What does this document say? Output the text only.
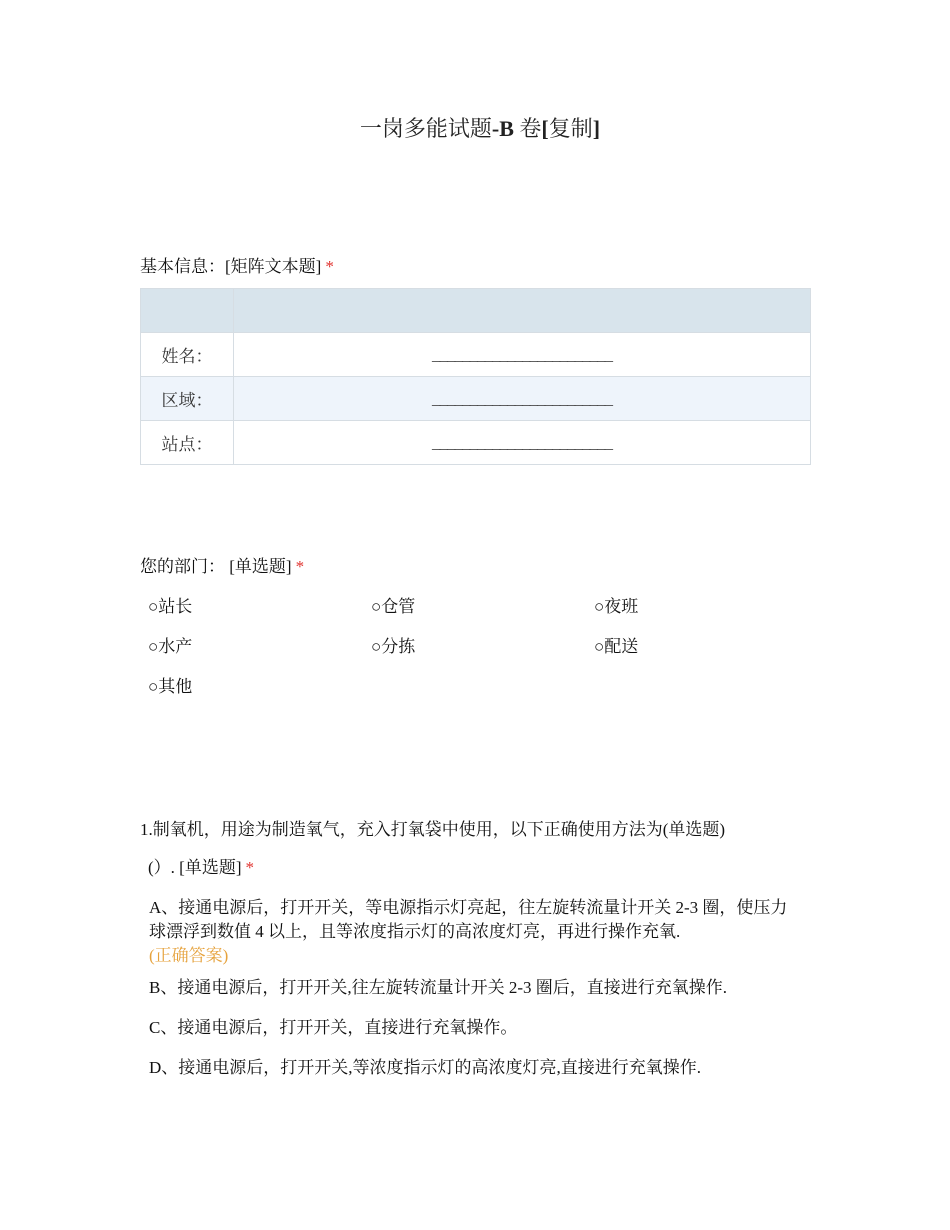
一岗多能试题-B 卷[复制]
基本信息：[矩阵文本题] *

姓名：	________________________
区域：	________________________
站点：	________________________
您的部门： [单选题] *
○站长	○仓管	○夜班
○水产	○分拣	○配送
○其他
1.制氧机，用途为制造氧气，充入打氧袋中使用，以下正确使用方法为(单选题)
(）. [单选题] *
A、接通电源后，打开开关，等电源指示灯亮起，往左旋转流量计开关 2-3 圈，使压力球漂浮到数值 4 以上，且等浓度指示灯的高浓度灯亮，再进行操作充氧.
(正确答案)
B、接通电源后，打开开关,往左旋转流量计开关 2-3 圈后，直接进行充氧操作.
C、接通电源后，打开开关，直接进行充氧操作。
D、接通电源后，打开开关,等浓度指示灯的高浓度灯亮,直接进行充氧操作.
